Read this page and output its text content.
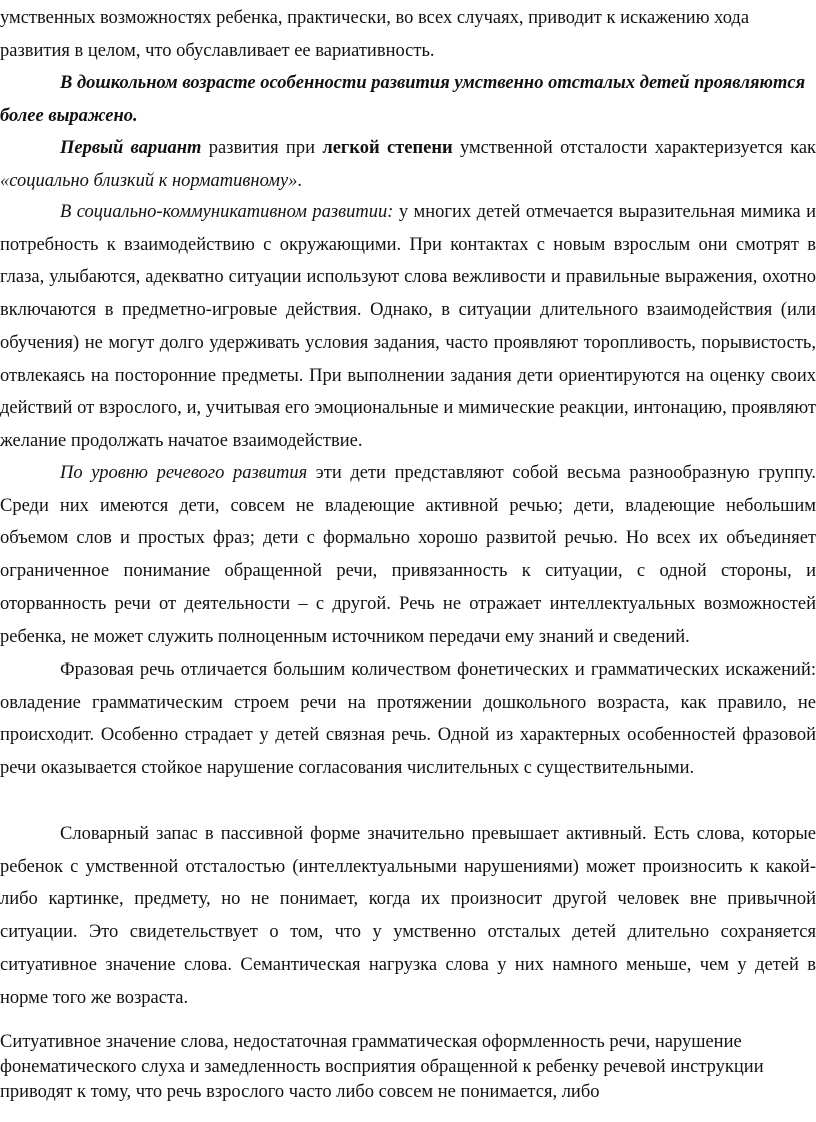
умственных возможностях ребенка, практически, во всех случаях, приводит к искажению хода развития в целом, что обуславливает ее вариативность.

В дошкольном возрасте особенности развития умственно отсталых детей проявляются более выражено.

Первый вариант развития при легкой степени умственной отсталости характеризуется как «социально близкий к нормативному».

В социально-коммуникативном развитии: у многих детей отмечается выразительная мимика и потребность к взаимодействию с окружающими. При контактах с новым взрослым они смотрят в глаза, улыбаются, адекватно ситуации используют слова вежливости и правильные выражения, охотно включаются в предметно-игровые действия. Однако, в ситуации длительного взаимодействия (или обучения) не могут долго удерживать условия задания, часто проявляют торопливость, порывистость, отвлекаясь на посторонние предметы. При выполнении задания дети ориентируются на оценку своих действий от взрослого, и, учитывая его эмоциональные и мимические реакции, интонацию, проявляют желание продолжать начатое взаимодействие.

По уровню речевого развития эти дети представляют собой весьма разнообразную группу. Среди них имеются дети, совсем не владеющие активной речью; дети, владеющие небольшим объемом слов и простых фраз; дети с формально хорошо развитой речью. Но всех их объединяет ограниченное понимание обращенной речи, привязанность к ситуации, с одной стороны, и оторванность речи от деятельности – с другой. Речь не отражает интеллектуальных возможностей ребенка, не может служить полноценным источником передачи ему знаний и сведений.

Фразовая речь отличается большим количеством фонетических и грамматических искажений: овладение грамматическим строем речи на протяжении дошкольного возраста, как правило, не происходит. Особенно страдает у детей связная речь. Одной из характерных особенностей фразовой речи оказывается стойкое нарушение согласования числительных с существительными.

Словарный запас в пассивной форме значительно превышает активный. Есть слова, которые ребенок с умственной отсталостью (интеллектуальными нарушениями) может произносить к какой-либо картинке, предмету, но не понимает, когда их произносит другой человек вне привычной ситуации. Это свидетельствует о том, что у умственно отсталых детей длительно сохраняется ситуативное значение слова. Семантическая нагрузка слова у них намного меньше, чем у детей в норме того же возраста.

Ситуативное значение слова, недостаточная грамматическая оформленность речи, нарушение фонематического слуха и замедленность восприятия обращенной к ребенку речевой инструкции приводят к тому, что речь взрослого часто либо совсем не понимается, либо
